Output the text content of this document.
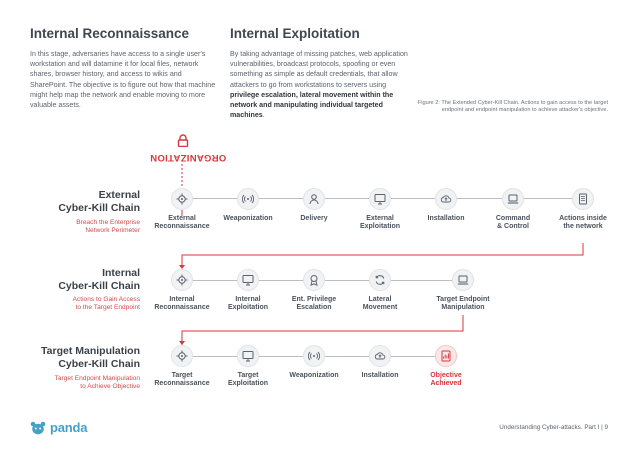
Internal Reconnaissance
In this stage, adversaries have access to a single user's workstation and will datamine it for local files, network shares, browser history, and access to wikis and SharePoint. The objective is to figure out how that machine might help map the network and enable moving to more valuable assets.
Internal Exploitation
By taking advantage of missing patches, web application vulnerabilities, broadcast protocols, spoofing or even something as simple as default credentials, that allow attackers to go from workstations to servers using privilege escalation, lateral movement within the network and manipulating individual targeted machines.
Figure 2: The Extended Cyber-Kill Chain. Actions to gain access to the target endpoint and endpoint manipulation to achieve attacker's objective.
ORGANIZATION
External
Cyber-Kill Chain
Breach the Enterprise
Network Perimeter
External
Reconnaissance
Weaponization	Delivery	External
Exploitation
Installation	Command
& Control
Actions inside
the network
Internal
Cyber-Kill Chain
Actions to Gain Access
to the Target Endpoint
Internal
Reconnaissance
Internal
Exploitation
Ent. Privilege
Escalation
Lateral
Movement
Target Endpoint
Manipulation
Target Manipulation
Cyber-Kill Chain
Target Endpoint Manipulation
to Achieve Objective
Target
Reconnaissance
Target
Exploitation
Weaponization	Installation	Objective
Achieved
panda	Understanding Cyber-attacks. Part I | 9
